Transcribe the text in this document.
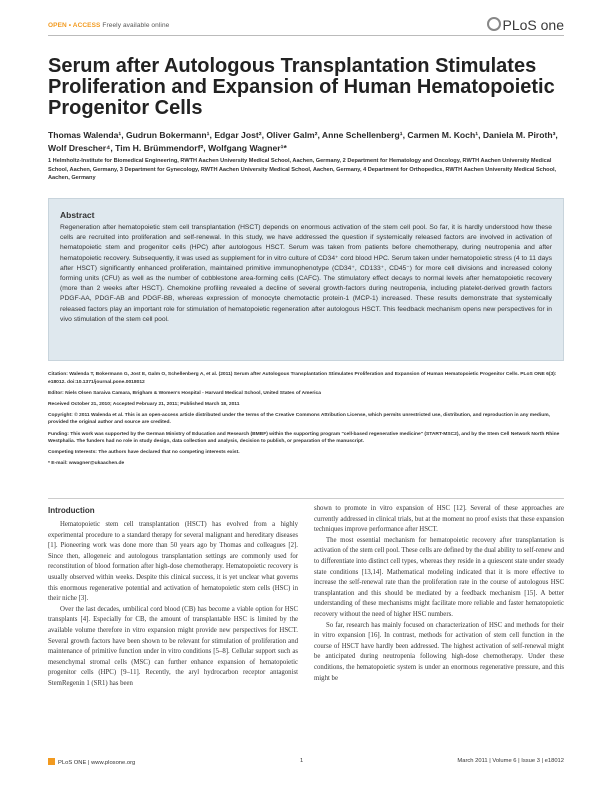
OPEN • ACCESS Freely available online	PLoS one
Serum after Autologous Transplantation Stimulates Proliferation and Expansion of Human Hematopoietic Progenitor Cells
Thomas Walenda¹, Gudrun Bokermann¹, Edgar Jost², Oliver Galm², Anne Schellenberg¹, Carmen M. Koch¹, Daniela M. Piroth³, Wolf Drescher⁴, Tim H. Brümmendorf², Wolfgang Wagner¹*
1 Helmholtz-Institute for Biomedical Engineering, RWTH Aachen University Medical School, Aachen, Germany, 2 Department for Hematology and Oncology, RWTH Aachen University Medical School, Aachen, Germany, 3 Department for Gynecology, RWTH Aachen University Medical School, Aachen, Germany, 4 Department for Orthopedics, RWTH Aachen University Medical School, Aachen, Germany
Abstract
Regeneration after hematopoietic stem cell transplantation (HSCT) depends on enormous activation of the stem cell pool. So far, it is hardly understood how these cells are recruited into proliferation and self-renewal. In this study, we have addressed the question if systemically released factors are involved in activation of hematopoietic stem and progenitor cells (HPC) after autologous HSCT. Serum was taken from patients before chemotherapy, during neutropenia and after hematopoietic recovery. Subsequently, it was used as supplement for in vitro culture of CD34⁺ cord blood HPC. Serum taken under hematopoietic stress (4 to 11 days after HSCT) significantly enhanced proliferation, maintained primitive immunophenotype (CD34⁺, CD133⁺, CD45⁻) for more cell divisions and increased colony forming units (CFU) as well as the number of cobblestone area-forming cells (CAFC). The stimulatory effect decays to normal levels after hematopoietic recovery (more than 2 weeks after HSCT). Chemokine profiling revealed a decline of several growth-factors during neutropenia, including platelet-derived growth factors PDGF-AA, PDGF-AB and PDGF-BB, whereas expression of monocyte chemotactic protein-1 (MCP-1) increased. These results demonstrate that systemically released factors play an important role for stimulation of hematopoietic regeneration after autologous HSCT. This feedback mechanism opens new perspectives for in vivo stimulation of the stem cell pool.

Citation: Walenda T, Bokermann G, Jost E, Galm O, Schellenberg A, et al. (2011) Serum after Autologous Transplantation Stimulates Proliferation and Expansion of Human Hematopoietic Progenitor Cells. PLoS ONE 6(3): e18012. doi:10.1371/journal.pone.0018012

Editor: Niels Olsen Saraiva Camara, Brigham & Women's Hospital - Harvard Medical School, United States of America

Received October 21, 2010; Accepted February 21, 2011; Published March 18, 2011

Copyright: © 2011 Walenda et al. This is an open-access article distributed under the terms of the Creative Commons Attribution License, which permits unrestricted use, distribution, and reproduction in any medium, provided the original author and source are credited.

Funding: This work was supported by the German Ministry of Education and Research (BMBF) within the supporting program "cell-based regenerative medicine" (START-MSC2), and by the Stem Cell Network North Rhine Westphalia. The funders had no role in study design, data collection and analysis, decision to publish, or preparation of the manuscript.

Competing Interests: The authors have declared that no competing interests exist.

* E-mail: wwagner@ukaachen.de

Introduction

Hematopoietic stem cell transplantation (HSCT) has evolved from a highly experimental procedure to a standard therapy for several malignant and hereditary diseases [1]. Pioneering work was done more than 50 years ago by Thomas and colleagues [2]. Since then, allogeneic and autologous transplantation settings are commonly used for reconstitution of blood formation after high-dose chemotherapy. Hematopoietic recovery is usually observed within weeks. Despite this clinical success, it is yet unclear what governs this enormous regenerative potential and activation of hematopoietic stem cells (HSC) in their niche [3].

Over the last decades, umbilical cord blood (CB) has become a viable option for HSC transplants [4]. Especially for CB, the amount of transplantable HSC is limited by the available volume therefore in vitro expansion might provide new perspectives for HSCT. Several growth factors have been shown to be relevant for stimulation of proliferation and maintenance of primitive function under in vitro conditions [5–8]. Cellular support such as mesenchymal stromal cells (MSC) can further enhance expansion of hematopoietic progenitor cells (HPC) [9–11]. Recently, the aryl hydrocarbon receptor antagonist StemRegenin 1 (SR1) has been

shown to promote in vitro expansion of HSC [12]. Several of these approaches are currently addressed in clinical trials, but at the moment no proof exists that these expansion techniques improve performance after HSCT.

The most essential mechanism for hematopoietic recovery after transplantation is activation of the stem cell pool. These cells are defined by the dual ability to self-renew and to differentiate into distinct cell types, whereas they reside in a quiescent state under steady state conditions [13,14]. Mathematical modeling indicated that it is more effective to increase the self-renewal rate than the proliferation rate in the course of autologous HSC transplantation and this should be mediated by a feedback mechanism [15]. A better understanding of these mechanisms might facilitate more reliable and faster hematopoietic recovery without the need of higher HSC numbers.

So far, research has mainly focused on characterization of HSC and methods for their in vitro expansion [16]. In contrast, methods for activation of stem cell function in the course of HSCT have hardly been addressed. The highest activation of self-renewal might be anticipated during neutropenia following high-dose chemotherapy. Under these conditions, the hematopoietic system is under an enormous regenerative pressure, and this might be

PLoS ONE | www.plosone.org	1	March 2011 | Volume 6 | Issue 3 | e18012
